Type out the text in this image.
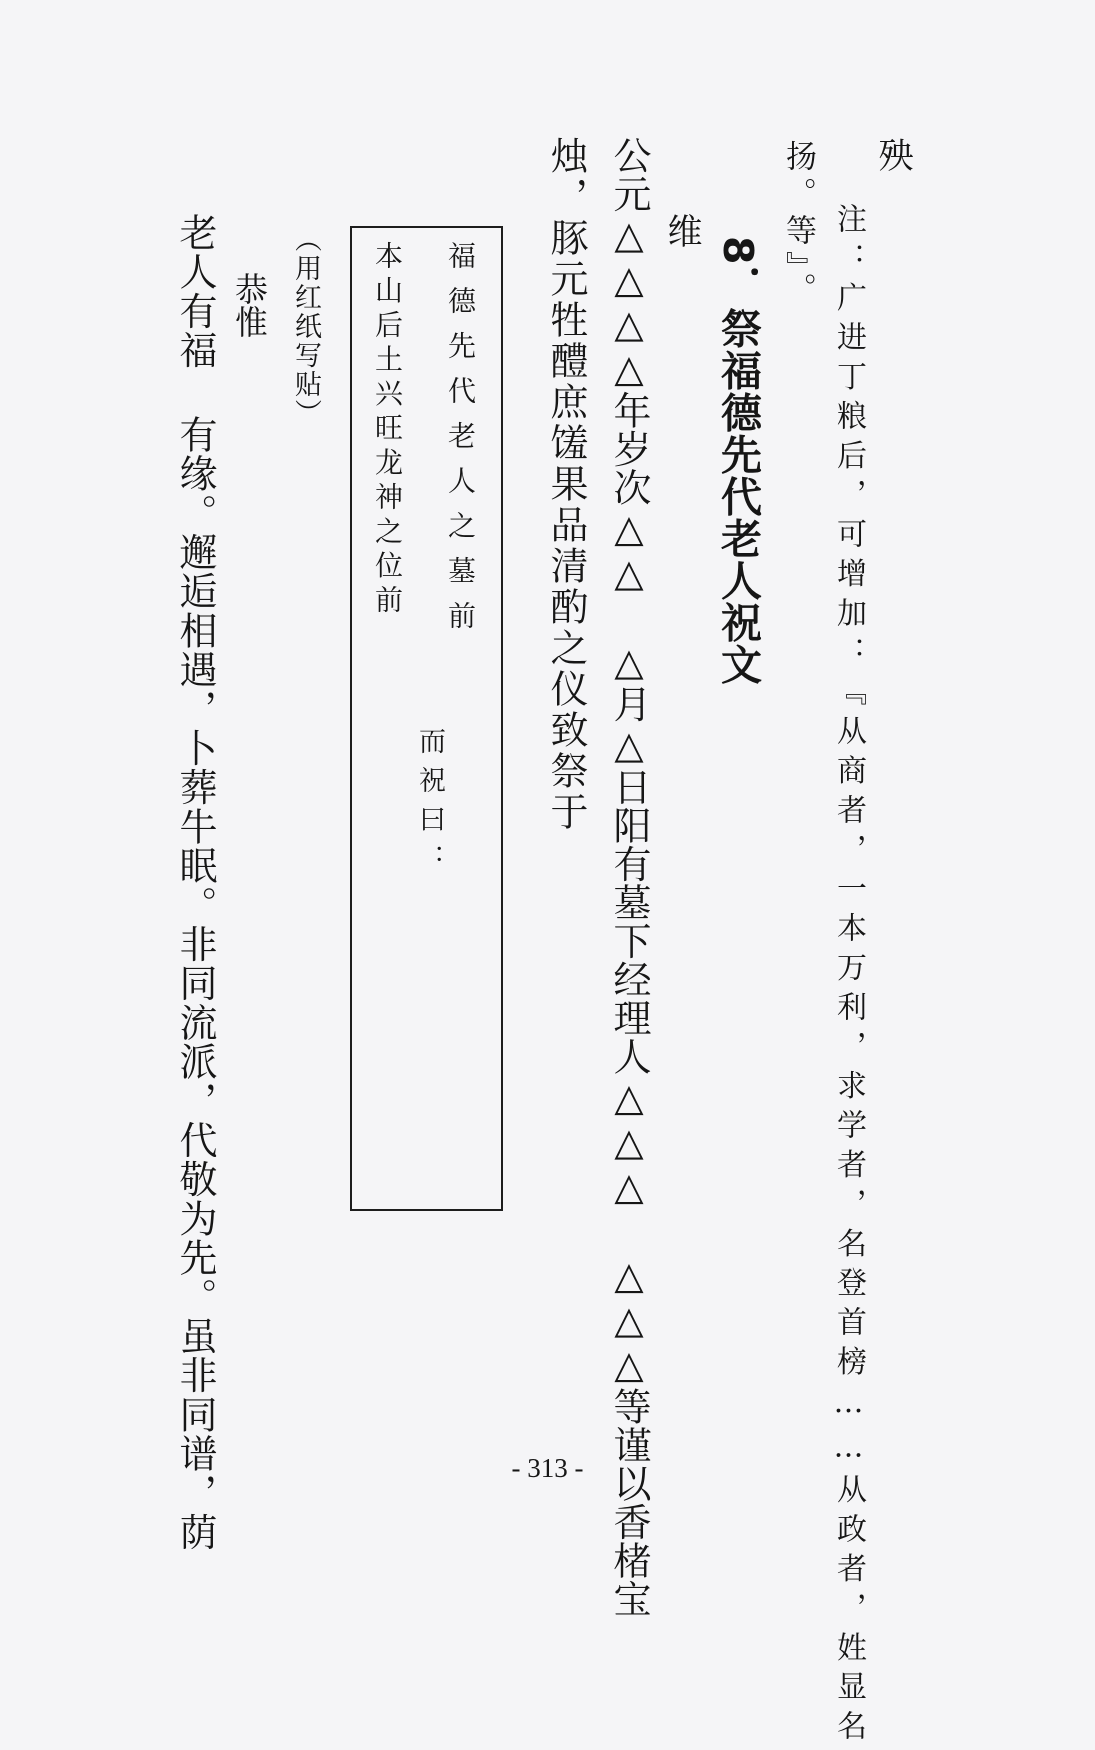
殃
注：广进丁粮后，可增加：『从商者，一本万利，求学者，名登首榜……从政者，姓显名
扬。等』。
8．祭福德先代老人祝文
维
公元△△△△年岁次△△ △月△日阳有墓下经理人△△△ △△△等谨以香楮宝
烛，豚元牲醴庶馐果品清酌之仪致祭于
福德先代老人之墓前
本山后土兴旺龙神之位前
而祝曰：
（用红纸写贴）
恭惟
老人有福 有缘。邂逅相遇，卜葬牛眠。非同流派，代敬为先。虽非同谱，荫	- 313 -
